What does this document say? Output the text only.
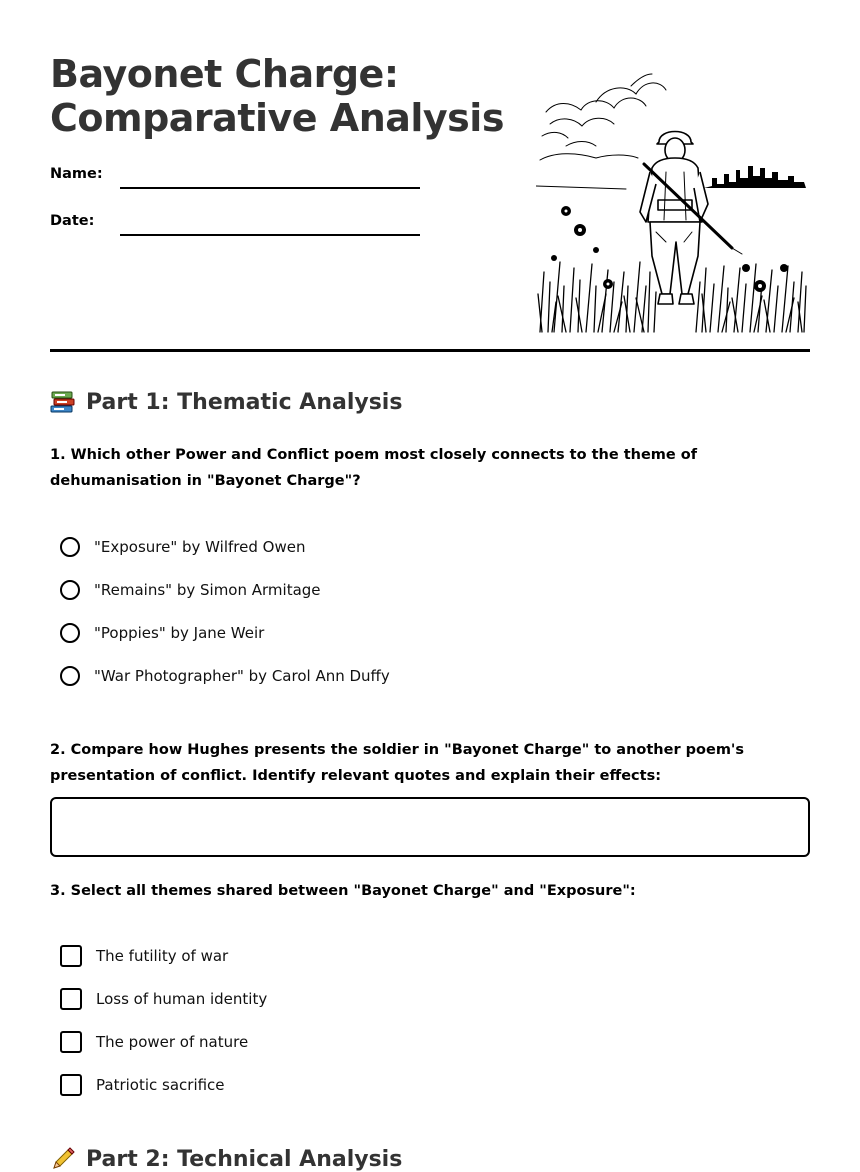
Bayonet Charge:
Comparative Analysis
Name:
Date:
Part 1: Thematic Analysis

1. Which other Power and Conflict poem most closely connects to the theme of dehumanisation in "Bayonet Charge"?

"Exposure" by Wilfred Owen
"Remains" by Simon Armitage
"Poppies" by Jane Weir
"War Photographer" by Carol Ann Duffy

2. Compare how Hughes presents the soldier in "Bayonet Charge" to another poem's presentation of conflict. Identify relevant quotes and explain their effects:

3. Select all themes shared between "Bayonet Charge" and "Exposure":

The futility of war
Loss of human identity
The power of nature
Patriotic sacrifice
Part 2: Technical Analysis
